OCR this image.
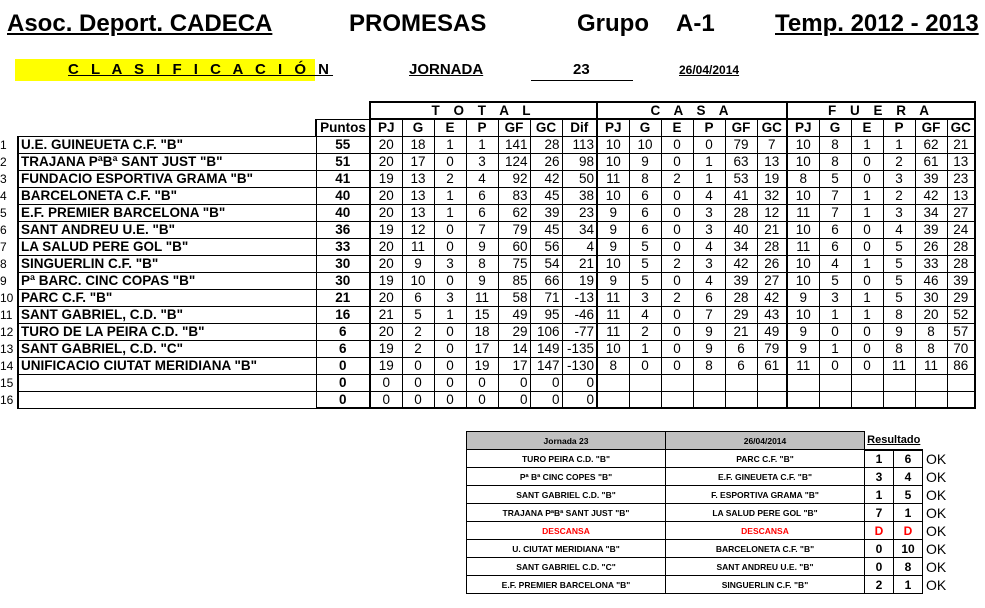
Asoc. Deport. CADECA	PROMESAS	Grupo A-1	Temp. 2012 - 2013
C L A S I F I C A C I Ó N	JORNADA	23	26/04/2014
			T O T A L							C A S A						F U E R A					
		Puntos	PJ	G	E	P	GF	GC	Dif	PJ	G	E	P	GF	GC	PJ	G	E	P	GF	GC
1	U.E. GUINEUETA C.F. "B"	55	20	18	1	1	141	28	113	10	10	0	0	79	7	10	8	1	1	62	21
2	TRAJANA PªBª SANT JUST "B"	51	20	17	0	3	124	26	98	10	9	0	1	63	13	10	8	0	2	61	13
3	FUNDACIO ESPORTIVA GRAMA "B"	41	19	13	2	4	92	42	50	11	8	2	1	53	19	8	5	0	3	39	23
4	BARCELONETA C.F. "B"	40	20	13	1	6	83	45	38	10	6	0	4	41	32	10	7	1	2	42	13
5	E.F. PREMIER BARCELONA "B"	40	20	13	1	6	62	39	23	9	6	0	3	28	12	11	7	1	3	34	27
6	SANT ANDREU U.E. "B"	36	19	12	0	7	79	45	34	9	6	0	3	40	21	10	6	0	4	39	24
7	LA SALUD PERE GOL "B"	33	20	11	0	9	60	56	4	9	5	0	4	34	28	11	6	0	5	26	28
8	SINGUERLIN C.F. "B"	30	20	9	3	8	75	54	21	10	5	2	3	42	26	10	4	1	5	33	28
9	Pª BARC. CINC COPAS "B"	30	19	10	0	9	85	66	19	9	5	0	4	39	27	10	5	0	5	46	39
10	PARC C.F. "B"	21	20	6	3	11	58	71	-13	11	3	2	6	28	42	9	3	1	5	30	29
11	SANT GABRIEL, C.D. "B"	16	21	5	1	15	49	95	-46	11	4	0	7	29	43	10	1	1	8	20	52
12	TURO DE LA PEIRA C.D. "B"	6	20	2	0	18	29	106	-77	11	2	0	9	21	49	9	0	0	9	8	57
13	SANT GABRIEL, C.D. "C"	6	19	2	0	17	14	149	-135	10	1	0	9	6	79	9	1	0	8	8	70
14	UNIFICACIO CIUTAT MERIDIANA "B"	0	19	0	0	19	17	147	-130	8	0	0	8	6	61	11	0	0	11	11	86
15		0	0	0	0	0	0	0	0												
16		0	0	0	0	0	0	0	0												
Jornada 23	26/04/2014	Resultado		
TURO PEIRA C.D. "B"	PARC C.F. "B"	1	6	OK
Pª Bª CINC COPES "B"	E.F. GINEUETA C.F. "B"	3	4	OK
SANT GABRIEL C.D. "B"	F. ESPORTIVA GRAMA "B"	1	5	OK
TRAJANA PªBª SANT JUST "B"	LA SALUD PERE GOL "B"	7	1	OK
DESCANSA	DESCANSA	D	D	OK
U. CIUTAT MERIDIANA "B"	BARCELONETA C.F. "B"	0	10	OK
SANT GABRIEL C.D. "C"	SANT ANDREU U.E. "B"	0	8	OK
E.F. PREMIER BARCELONA "B"	SINGUERLIN C.F. "B"	2	1	OK
